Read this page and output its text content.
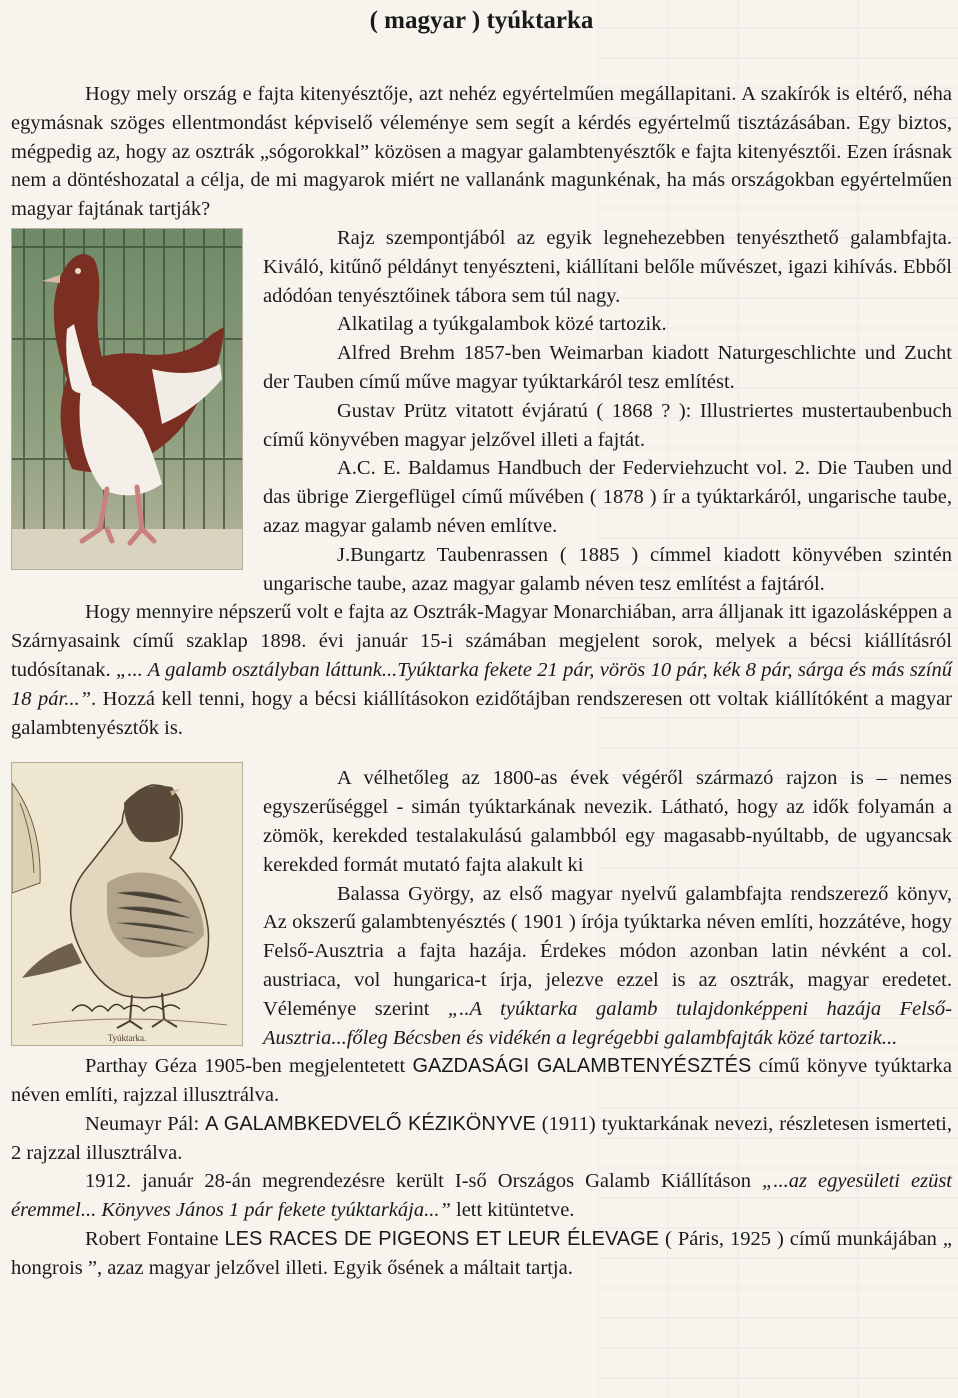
( magyar ) tyúktarka

Hogy mely ország e fajta kitenyésztője, azt nehéz egyértelműen megállapitani. A szakírók is eltérő, néha egymásnak szöges ellentmondást képviselő véleménye sem segít a kérdés egyértelmű tisztázásában. Egy biztos, mégpedig az, hogy az osztrák „sógorokkal” közösen a magyar galambtenyésztők e fajta kitenyésztői. Ezen írásnak nem a döntéshozatal a célja, de mi magyarok miért ne vallanánk magunkénak, ha más országokban egyértelműen magyar fajtának tartják?

Rajz szempontjából az egyik legnehezebben tenyészthető galambfajta. Kiváló, kitűnő példányt tenyészteni, kiállítani belőle művészet, igazi kihívás. Ebből adódóan tenyésztőinek tábora sem túl nagy.

Alkatilag a tyúkgalambok közé tartozik.

Alfred Brehm 1857-ben Weimarban kiadott Naturgeschlichte und Zucht der Tauben című műve magyar tyúktarkáról tesz említést.

Gustav Prütz vitatott évjáratú ( 1868 ? ): Illustriertes mustertaubenbuch című könyvében magyar jelzővel illeti a fajtát.

A.C. E. Baldamus Handbuch der Federviehzucht vol. 2. Die Tauben und das übrige Ziergeflügel című művében ( 1878 ) ír a tyúktarkáról, ungarische taube, azaz magyar galamb néven említve.

J.Bungartz Taubenrassen ( 1885 ) címmel kiadott könyvében szintén ungarische taube, azaz magyar galamb néven tesz említést a fajtáról.

Hogy mennyire népszerű volt e fajta az Osztrák-Magyar Monarchiában, arra álljanak itt igazolásképpen a Szárnyasaink című szaklap 1898. évi január 15-i számában megjelent sorok, melyek a bécsi kiállításról tudósítanak. „... A galamb osztályban láttunk...Tyúktarka fekete 21 pár, vörös 10 pár, kék 8 pár, sárga és más színű 18 pár...”. Hozzá kell tenni, hogy a bécsi kiállításokon ezidőtájban rendszeresen ott voltak kiállítóként a magyar galambtenyésztők is.

Tyúktarka.

A vélhetőleg az 1800-as évek végéről származó rajzon is – nemes egyszerűséggel - simán tyúktarkának nevezik. Látható, hogy az idők folyamán a zömök, kerekded testalakulású galambból egy magasabb-nyúltabb, de ugyancsak kerekded formát mutató fajta alakult ki

Balassa György, az első magyar nyelvű galambfajta rendszerező könyv, Az okszerű galambtenyésztés ( 1901 ) írója tyúktarka néven említi, hozzátéve, hogy Felső-Ausztria a fajta hazája. Érdekes módon azonban latin névként a col. austriaca, vol hungarica-t írja, jelezve ezzel is az osztrák, magyar eredetet. Véleménye szerint „..A tyúktarka galamb tulajdonképpeni hazája Felső-Ausztria...főleg Bécsben és vidékén a legrégebbi galambfajták közé tartozik...

Parthay Géza 1905-ben megjelentetett GAZDASÁGI GALAMBTENYÉSZTÉS című könyve tyúktarka néven említi, rajzzal illusztrálva.

Neumayr Pál: A GALAMBKEDVELŐ KÉZIKÖNYVE (1911) tyuktarkának nevezi, részletesen ismerteti, 2 rajzzal illusztrálva.

1912. január 28-án megrendezésre került I-ső Országos Galamb Kiállításon „...az egyesületi ezüst éremmel... Könyves János 1 pár fekete tyúktarkája...” lett kitüntetve.

Robert Fontaine LES RACES DE PIGEONS ET LEUR ÉLEVAGE ( Páris, 1925 ) című munkájában „ hongrois ”, azaz magyar jelzővel illeti. Egyik ősének a máltait tartja.
